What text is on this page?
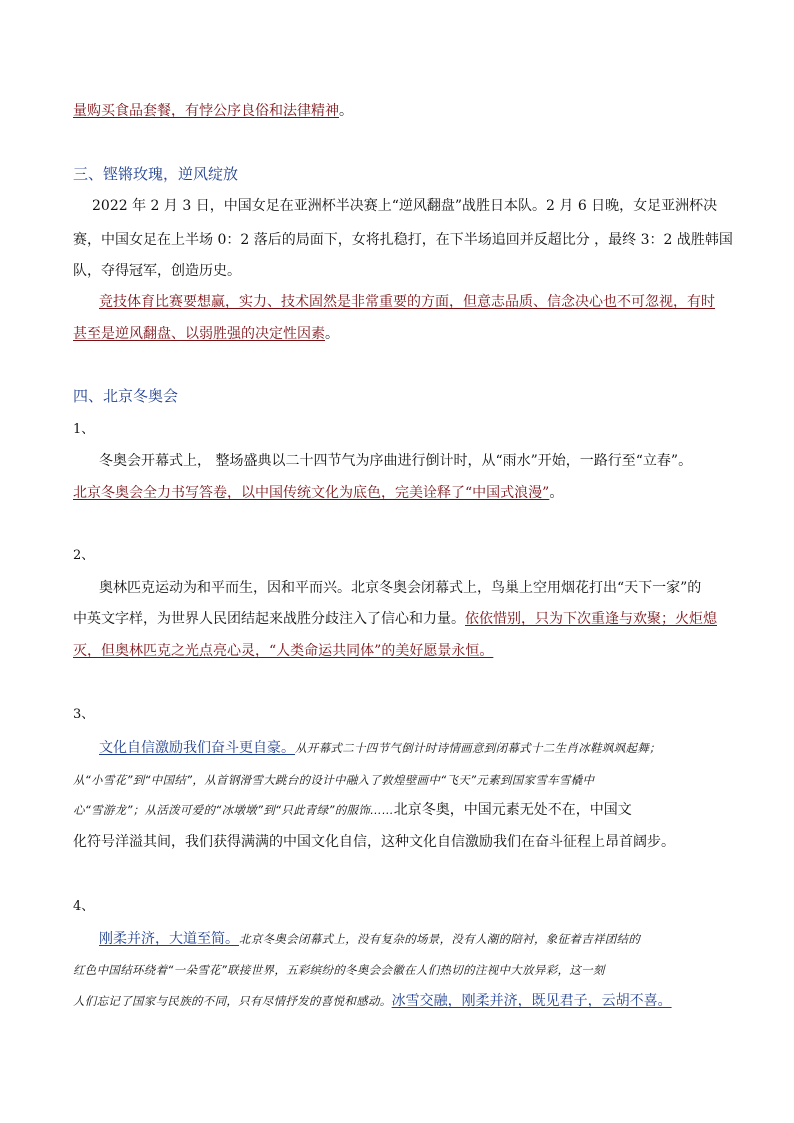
量购买食品套餐，有悖公序良俗和法律精神。
三、铿锵玫瑰，逆风绽放
2022 年 2 月 3 日，中国女足在亚洲杯半决赛上“逆风翻盘”战胜日本队。2 月 6 日晚，女足亚洲杯决
赛，中国女足在上半场 0：2 落后的局面下，女将扎稳打，在下半场追回并反超比分 ，最终 3：2 战胜韩国
队，夺得冠军，创造历史。
竞技体育比赛要想赢，实力、技术固然是非常重要的方面，但意志品质、信念决心也不可忽视，有时
甚至是逆风翻盘、以弱胜强的决定性因素。
四、北京冬奥会
1、
冬奥会开幕式上， 整场盛典以二十四节气为序曲进行倒计时，从“雨水”开始，一路行至“立春”。
北京冬奥会全力书写答卷，以中国传统文化为底色，完美诠释了“中国式浪漫”。
2、
奥林匹克运动为和平而生，因和平而兴。北京冬奥会闭幕式上，鸟巢上空用烟花打出“天下一家”的
中英文字样，为世界人民团结起来战胜分歧注入了信心和力量。依依惜别，只为下次重逢与欢聚；火炬熄
灭，但奥林匹克之光点亮心灵，“人类命运共同体”的美好愿景永恒。
3、
文化自信激励我们奋斗更自豪。从开幕式二十四节气倒计时诗情画意到闭幕式十二生肖冰鞋飒飒起舞；
从“小雪花”到“中国结”，从首钢滑雪大跳台的设计中融入了敦煌壁画中“飞天”元素到国家雪车雪橇中
心“雪游龙”；从活泼可爱的“冰墩墩”到“只此青绿”的服饰……北京冬奥，中国元素无处不在，中国文
化符号洋溢其间，我们获得满满的中国文化自信，这种文化自信激励我们在奋斗征程上昂首阔步。
4、
刚柔并济，大道至简。北京冬奥会闭幕式上，没有复杂的场景，没有人潮的陪衬，象征着吉祥团结的
红色中国结环绕着“一朵雪花”联接世界，五彩缤纷的冬奥会会徽在人们热切的注视中大放异彩，这一刻
人们忘记了国家与民族的不同，只有尽情抒发的喜悦和感动。冰雪交融，刚柔并济，既见君子，云胡不喜。
